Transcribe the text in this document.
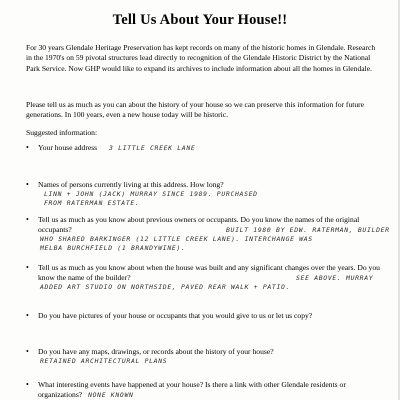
Tell Us About Your House!!

For 30 years Glendale Heritage Preservation has kept records on many of the historic homes in Glendale. Research in the 1970's on 59 pivotal structures lead directly to recognition of the Glendale Historic District by the National Park Service. Now GHP would like to expand its archives to include information about all the homes in Glendale.

Please tell us as much as you can about the history of your house so we can preserve this information for future generations. In 100 years, even a new house today will be historic.

Suggested information:
• Your house address 3 LITTLE CREEK LANE

• Names of persons currently living at this address. How long?

LINN + JOHN (JACK) MURRAY SINCE 1989. PURCHASED
FROM RATERMAN ESTATE.
• Tell us as much as you know about previous owners or occupants. Do you know the names of the original occupants?	BUILT 1980 BY EDW. RATERMAN, BUILDER
WHO SHARED BARKINGER (12 LITTLE CREEK LANE). INTERCHANGE WAS
MELBA BURCHFIELD (1 BRANDYWINE).
• Tell us as much as you know about when the house was built and any significant changes over the years. Do you know the name of the builder?	SEE ABOVE. MURRAY
ADDED ART STUDIO ON NORTHSIDE, PAVED REAR WALK + PATIO.
• Do you have pictures of your house or occupants that you would give to us or let us copy?

• Do you have any maps, drawings, or records about the history of your house?

RETAINED ARCHITECTURAL PLANS
• What interesting events have happened at your house? Is there a link with other Glendale residents or organizations? NONE KNOWN
